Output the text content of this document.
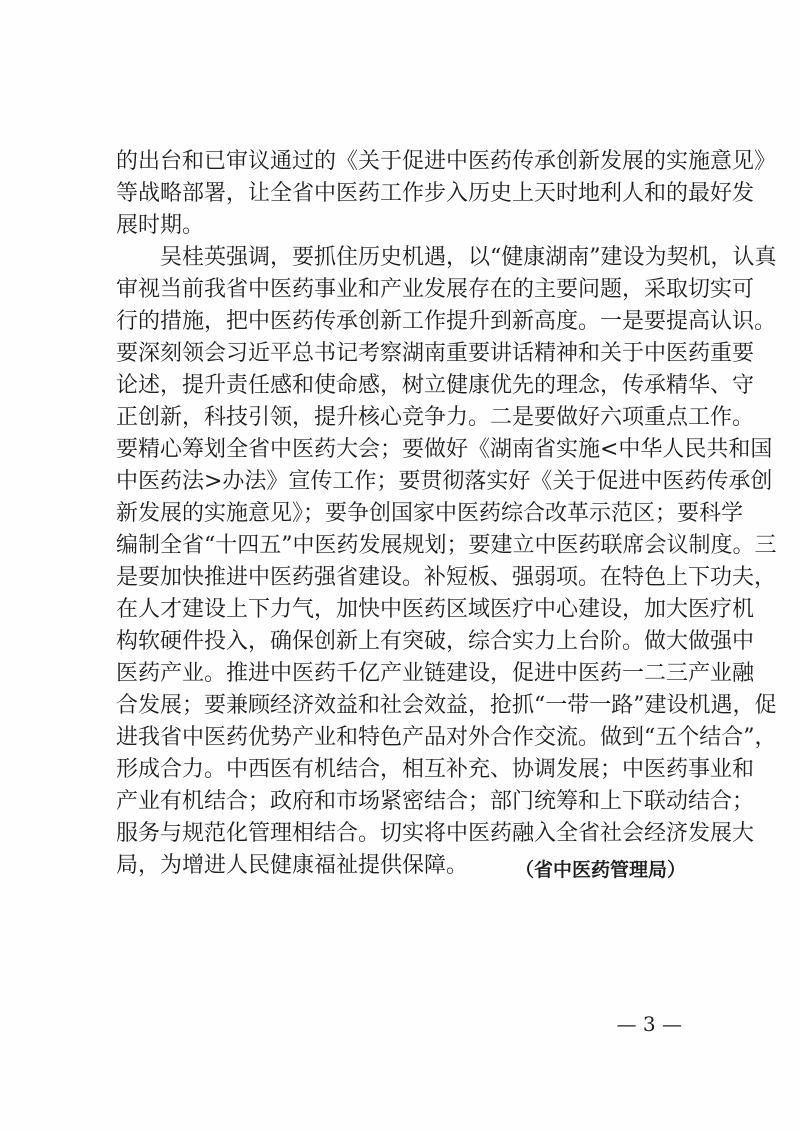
的出台和已审议通过的《关于促进中医药传承创新发展的实施意见》
等战略部署，让全省中医药工作步入历史上天时地利人和的最好发
展时期。
吴桂英强调，要抓住历史机遇，以“健康湖南”建设为契机，认真
审视当前我省中医药事业和产业发展存在的主要问题，采取切实可
行的措施，把中医药传承创新工作提升到新高度。一是要提高认识。
要深刻领会习近平总书记考察湖南重要讲话精神和关于中医药重要
论述，提升责任感和使命感，树立健康优先的理念，传承精华、守
正创新，科技引领，提升核心竞争力。二是要做好六项重点工作。
要精心筹划全省中医药大会；要做好《湖南省实施<中华人民共和国
中医药法>办法》宣传工作；要贯彻落实好《关于促进中医药传承创
新发展的实施意见》；要争创国家中医药综合改革示范区；要科学
编制全省“十四五”中医药发展规划；要建立中医药联席会议制度。三
是要加快推进中医药强省建设。补短板、强弱项。在特色上下功夫，
在人才建设上下力气，加快中医药区域医疗中心建设，加大医疗机
构软硬件投入，确保创新上有突破，综合实力上台阶。做大做强中
医药产业。推进中医药千亿产业链建设，促进中医药一二三产业融
合发展；要兼顾经济效益和社会效益，抢抓“一带一路”建设机遇，促
进我省中医药优势产业和特色产品对外合作交流。做到“五个结合”，
形成合力。中西医有机结合，相互补充、协调发展；中医药事业和
产业有机结合；政府和市场紧密结合；部门统筹和上下联动结合；
服务与规范化管理相结合。切实将中医药融入全省社会经济发展大
局，为增进人民健康福祉提供保障。	（省中医药管理局）
— 3 —
